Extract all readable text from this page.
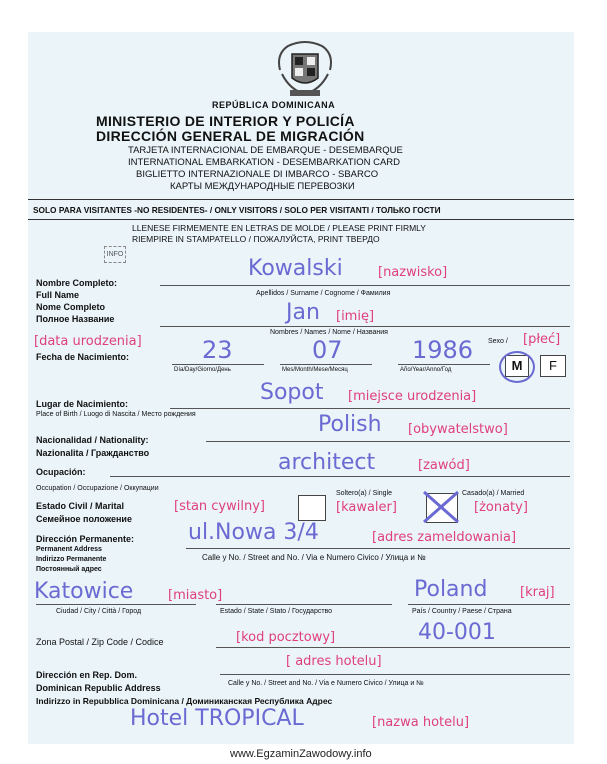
REPÚBLICA DOMINICANA
MINISTERIO DE INTERIOR Y POLICÍA
DIRECCIÓN GENERAL DE MIGRACIÓN
TARJETA INTERNACIONAL DE EMBARQUE - DESEMBARQUE
INTERNATIONAL EMBARKATION - DESEMBARKATION CARD
BIGLIETTO INTERNAZIONALE DI IMBARCO - SBARCO
КАРТЫ МЕЖДУНАРОДНЫЕ ПЕРЕВОЗКИ
SOLO PARA VISITANTES -NO RESIDENTES- / ONLY VISITORS / SOLO PER VISITANTI / ТОЛЬКО ГОСТИ
LLENESE FIRMEMENTE EN LETRAS DE MOLDE / PLEASE PRINT FIRMLY
RIEMPIRE IN STAMPATELLO / ПОЖАЛУЙСТА, PRINT ТВЕРДО
INFO
Nombre Completo:
Full Name
Nome Completo
Полное Название
Kowalski	[nazwisko]
Apellidos / Surname / Cognome / Фамилия
Jan [imię]
Nombres / Names / Nome / Названия
[data urodzenia]
Fecha de Nacimiento:	23	07	1986
Día/Day/Giorno/День	Mes/Month/Mese/Месяц	Año/Year/Anno/Год
Sexo / [płeć]
M	F
Lugar de Nacimiento:
Place of Birth / Luogo di Nascita / Место рождения
Sopot [miejsce urodzenia]
Nacionalidad / Nationality:
Nazionalita / Гражданство
Polish [obywatelstwo]
Ocupación:
Occupation / Occupazione / Оккупации
architect	[zawód]
Estado Civil / Marital
Семейное положение
[stan cywilny]
Soltero(a) / Single
[kawaler]
Casado(a) / Married
[żonaty]
Dirección Permanente:
Permanent Address
Indirizzo Permanente
Постоянный адрес
ul.Nowa 3/4	[adres zameldowania]
Calle y No. / Street and No. / Via e Numero Civico / Улица и №
Katowice	[miasto]	Poland	[kraj]
Ciudad / City / Città / Город	Estado / State / Stato / Государство	País / Country / Paese / Страна
Zona Postal / Zip Code / Codice	[kod pocztowy]	40-001
[ adres hotelu]
Dirección en Rep. Dom.
Dominican Republic Address
Indirizzo in Repubblica Dominicana / Доминиканская Республика Адрес
Calle y No. / Street and No. / Via e Numero Civico / Улица и №
Hotel TROPICAL	[nazwa hotelu]
www.EgzaminZawodowy.info
